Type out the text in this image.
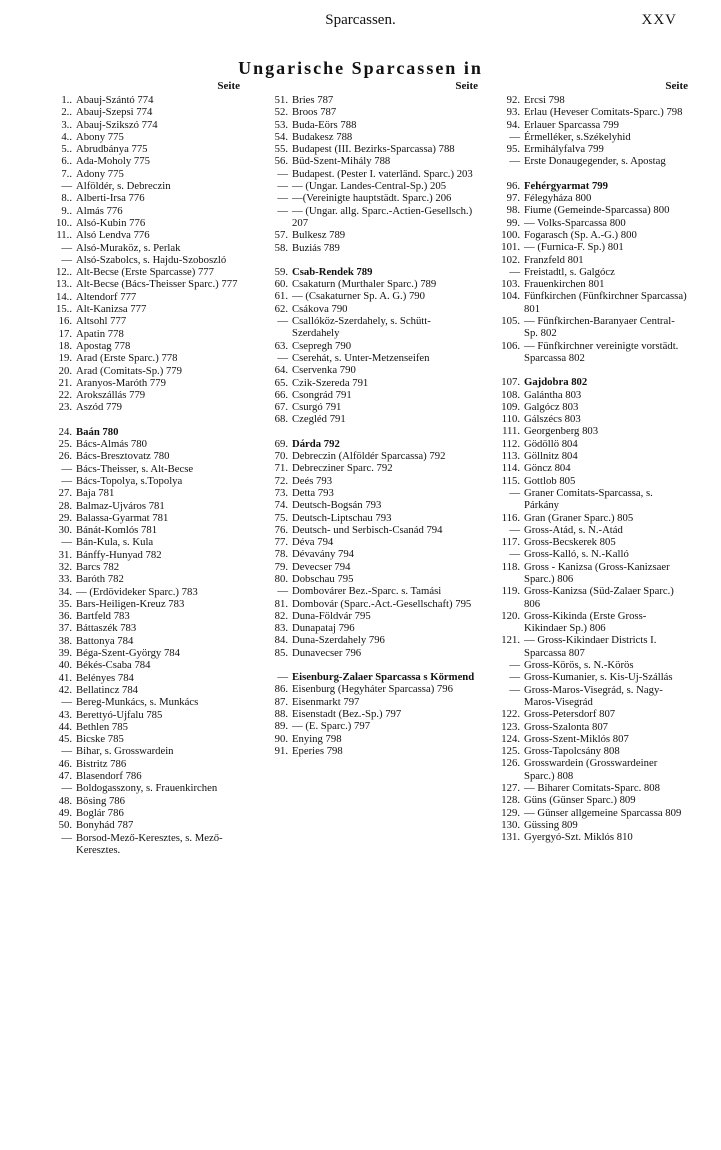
Sparcassen.	XXV
Ungarische Sparcassen in
Seite
1.. Abauj-Szántó 774
2.. Abauj-Szepsi 774
3.. Abauj-Szikszó 774
4.. Abony 775
5.. Abrudbánya 775
6.. Ada-Moholy 775
7.. Adony 775
— Alföldér, s. Debreczin
8.. Alberti-Irsa 776
9.. Almás 776
10.. Alsó-Kubin 776
11.. Alsó Lendva 776
— Alsó-Muraköz, s. Perlak
— Alsó-Szabolcs, s. Hajdu-Szoboszló
12.. Alt-Becse (Erste Sparcasse) 777
13.. Alt-Becse (Bács-Theisser Sparc.) 777
14.. Altendorf 777
15.. Alt-Kanizsa 777
16. Altsohl 777
17. Apatin 778
18. Apostag 778
19. Arad (Erste Sparc.) 778
20. Arad (Comitats-Sp.) 779
21. Aranyos-Maróth 779
22. Arokszállás 779
23. Aszód 779
24. Baán 780
25. Bács-Almás 780
26. Bács-Bresztovatz 780
— Bács-Theisser, s. Alt-Becse
— Bács-Topolya, s.Topolya
27. Baja 781
28. Balmaz-Ujváros 781
29. Balassa-Gyarmat 781
30. Bánát-Komlós 781
— Bán-Kula, s. Kula
31. Bánffy-Hunyad 782
32. Barcs 782
33. Baróth 782
34. — (Erdövideker Sparc.) 783
35. Bars-Heiligen-Kreuz 783
36. Bartfeld 783
37. Báttaszék 783
38. Battonya 784
39. Béga-Szent-György 784
40. Békés-Csaba 784
41. Belényes 784
42. Bellatincz 784
— Bereg-Munkács, s. Munkács
43. Berettyó-Ujfalu 785
44. Bethlen 785
45. Bicske 785
— Bihar, s. Grosswardein
46. Bistritz 786
47. Blasendorf 786
— Boldogasszony, s. Frauenkirchen
48. Bösing 786
49. Boglár 786
50. Bonyhád 787
— Borsod-Mező-Keresztes, s. Mező-Keresztes.
Seite
51. Bries 787
52. Broos 787
53. Buda-Eörs 788
54. Budakesz 788
55. Budapest (III. Bezirks-Sparcassa) 788
56. Büd-Szent-Mihály 788
— Budapest. (Pester I. vaterländ. Sparc.) 203
— — (Ungar. Landes-Central-Sp.) 205
— —(Vereinigte hauptstädt. Sparc.) 206
— — (Ungar. allg. Sparc.-Actien-Gesellsch.) 207
57. Bulkesz 789
58. Buziás 789
59. Csab-Rendek 789
60. Csakaturn (Murthaler Sparc.) 789
61. — (Csakaturner Sp. A. G.) 790
62. Csákova 790
— Csallóköz-Szerdahely, s. Schütt-Szerdahely
63. Csepregh 790
— Cserehát, s. Unter-Metzenseifen
64. Cservenka 790
65. Czik-Szereda 791
66. Csongrád 791
67. Csurgó 791
68. Czegléd 791
69. Dárda 792
70. Debreczin (Alföldér Sparcassa) 792
71. Debrecziner Sparc. 792
72. Deés 793
73. Detta 793
74. Deutsch-Bogsán 793
75. Deutsch-Liptschau 793
76. Deutsch- und Serbisch-Csanád 794
77. Déva 794
78. Dévavány 794
79. Devecser 794
80. Dobschau 795
— Dombovárer Bez.-Sparc. s. Tamási
81. Dombovár (Sparc.-Act.-Gesellschaft) 795
82. Duna-Földvár 795
83. Dunapataj 796
84. Duna-Szerdahely 796
85. Dunavecser 796
— Eisenburg-Zalaer Sparcassa s Körmend
86. Eisenburg (Hegyháter Sparcassa) 796
87. Eisenmarkt 797
88. Eisenstadt (Bez.-Sp.) 797
89. — (E. Sparc.) 797
90. Enying 798
91. Eperies 798
Seite
92. Ercsi 798
93. Erlau (Heveser Comitats-Sparc.) 798
94. Erlauer Sparcassa 799
— Érmelléker, s.Székelyhid
95. Ermihályfalva 799
— Erste Donaugegender, s. Apostag
96. Fehérgyarmat 799
97. Félegyháza 800
98. Fiume (Gemeinde-Sparcassa) 800
99. — Volks-Sparcassa 800
100. Fogarasch (Sp. A.-G.) 800
101. — (Furnica-F. Sp.) 801
102. Franzfeld 801
— Freistadtl, s. Galgócz
103. Frauenkirchen 801
104. Fünfkirchen (Fünfkirchner Sparcassa) 801
105. — Fünfkirchen-Baranyaer Central-Sp. 802
106. — Fünfkirchner vereinigte vorstädt. Sparcassa 802
107. Gajdobra 802
108. Galántha 803
109. Galgócz 803
110. Gálszécs 803
111. Georgenberg 803
112. Gödöllö 804
113. Göllnitz 804
114. Göncz 804
115. Gottlob 805
— Graner Comitats-Sparcassa, s. Párkány
116. Gran (Graner Sparc.) 805
— Gross-Atád, s. N.-Atád
117. Gross-Becskerek 805
— Gross-Kalló, s. N.-Kalló
118. Gross - Kanizsa (Gross-Kanizsaer Sparc.) 806
119. Gross-Kanizsa (Süd-Zalaer Sparc.) 806
120. Gross-Kikinda (Erste Gross-Kikindaer Sp.) 806
121. — Gross-Kikindaer Districts I. Sparcassa 807
— Gross-Körös, s. N.-Körös
— Gross-Kumanier, s. Kis-Uj-Szállás
— Gross-Maros-Visegrád, s. Nagy-Maros-Visegrád
122. Gross-Petersdorf 807
123. Gross-Szalonta 807
124. Gross-Szent-Miklós 807
125. Gross-Tapolcsány 808
126. Grosswardein (Grosswardeiner Sparc.) 808
127. — Biharer Comitats-Sparc. 808
128. Güns (Günser Sparc.) 809
129. — Günser allgemeine Sparcassa 809
130. Güssing 809
131. Gyergyó-Szt. Miklós 810
